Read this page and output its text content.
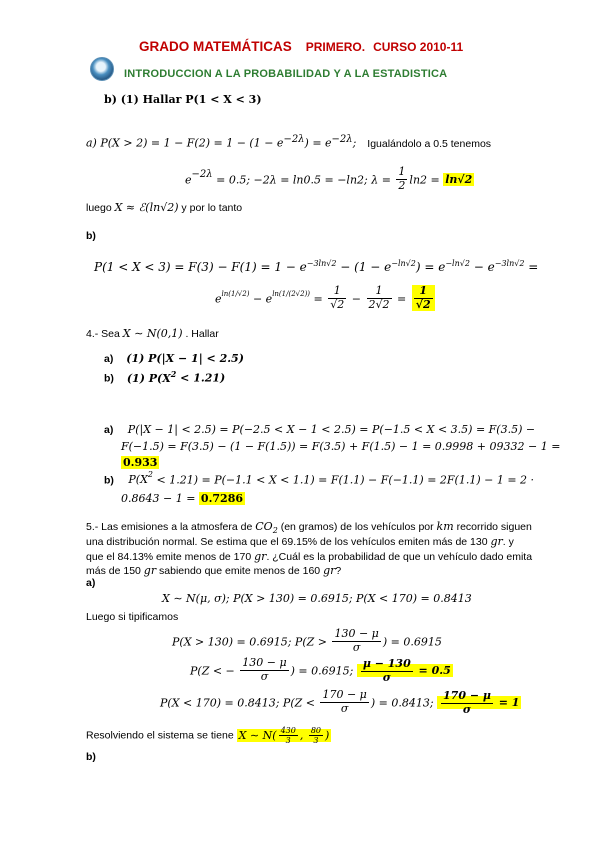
GRADO MATEMÁTICAS PRIMERO. CURSO 2010-11
INTRODUCCION A LA PROBABILIDAD Y A LA ESTADISTICA
b) (1) Hallar P(1 < X < 3)
a) $P(X > 2) = 1 - F(2) = 1 - (1 - e^{-2\lambda}) = e^{-2\lambda}$; Igualándolo a 0.5 tenemos
$e^{-2\lambda} = 0.5$; −2λ = ln0.5 = −ln2; $\lambda = \frac{1}{2} \ln 2 = \ln√2$
luego X ≈ ℰ(ln√2) y por lo tanto
b)
$P(1 < X < 3) = F(3) - F(1) = 1 - e^{-3ln√2} - (1 - e^{-ln√2}) = e^{-ln√2} - e^{-3ln√2}$ =
$e^{ln(1/√2)} - e^{ln(1/(2√2))} = \frac{1}{√2} - \frac{1}{2√2} = \frac{1}{√2}$
4.- Sea X ∼ N(0,1) . Hallar
a) (1) P(|X − 1| < 2.5)
b) (1) $P(X^2 < 1.21)$
a) P(|X − 1| < 2.5) = P(−2.5 < X − 1 < 2.5) = P(−1.5 < X < 3.5) = F(3.5) −
F(−1.5) = F(3.5) − (1 − F(1.5)) = F(3.5) + F(1.5) − 1 = 0.9998 + 09332 − 1 =
0.933
b) $P(X^2 < 1.21) = P(-1.1 < X < 1.1) = F(1.1) - F(-1.1) = 2F(1.1) - 1 = 2$ ·
0.8643 − 1 = 0.7286
5.- Las emisiones a la atmosfera de $CO_2$ (en gramos) de los vehículos por km recorrido siguen
una distribución normal. Se estima que el 69.15% de los vehículos emiten más de 130 gr. y
que el 84.13% emite menos de 170 gr. ¿Cuál es la probabilidad de que un vehículo dado emita
más de 150 gr sabiendo que emite menos de 160 gr?
a)
X ∼ N(μ, σ); P(X > 130) = 0.6915; P(X < 170) = 0.8413
Luego si tipificamos
P(X > 130) = 0.6915; $P(Z > \frac{130 - \mu}{\sigma}$ ) = 0.6915
P(Z < − $\frac{130 - \mu}{\sigma}$ ) = 0.6915; $\frac{\mu - 130}{\sigma} = 0.5$
P(X < 170) = 0.8413; $P(Z < \frac{170 - \mu}{\sigma}$ ) = 0.8413; $\frac{170 - \mu}{\sigma} = 1$
Resolviendo el sistema se tiene X ∼ $N( \frac{430}{3}$ , $\frac{80}{3}$ )
b)
